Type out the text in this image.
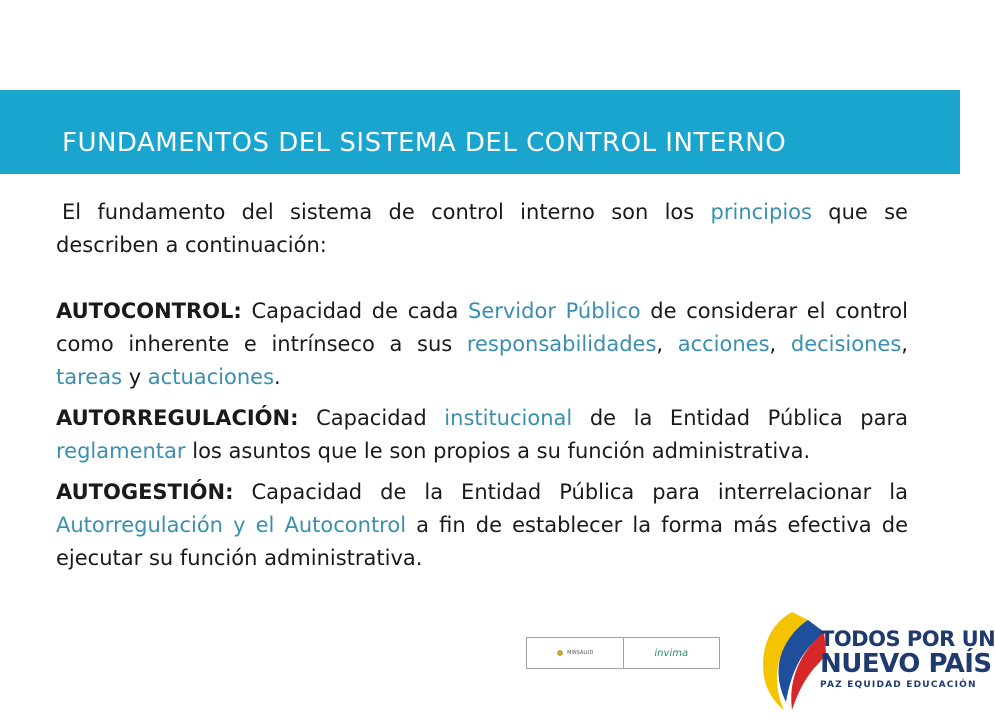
FUNDAMENTOS DEL SISTEMA DEL CONTROL INTERNO

El fundamento del sistema de control interno son los principios que se describen a continuación:

AUTOCONTROL: Capacidad de cada Servidor Público de considerar el control como inherente e intrínseco a sus responsabilidades, acciones, decisiones, tareas y actuaciones.

AUTORREGULACIÓN: Capacidad institucional de la Entidad Pública para reglamentar los asuntos que le son propios a su función administrativa.

AUTOGESTIÓN: Capacidad de la Entidad Pública para interrelacionar la Autorregulación y el Autocontrol a fin de establecer la forma más efectiva de ejecutar su función administrativa.

MINSALUD	invima
TODOS POR UN
NUEVO PAÍS
PAZ EQUIDAD EDUCACIÓN
